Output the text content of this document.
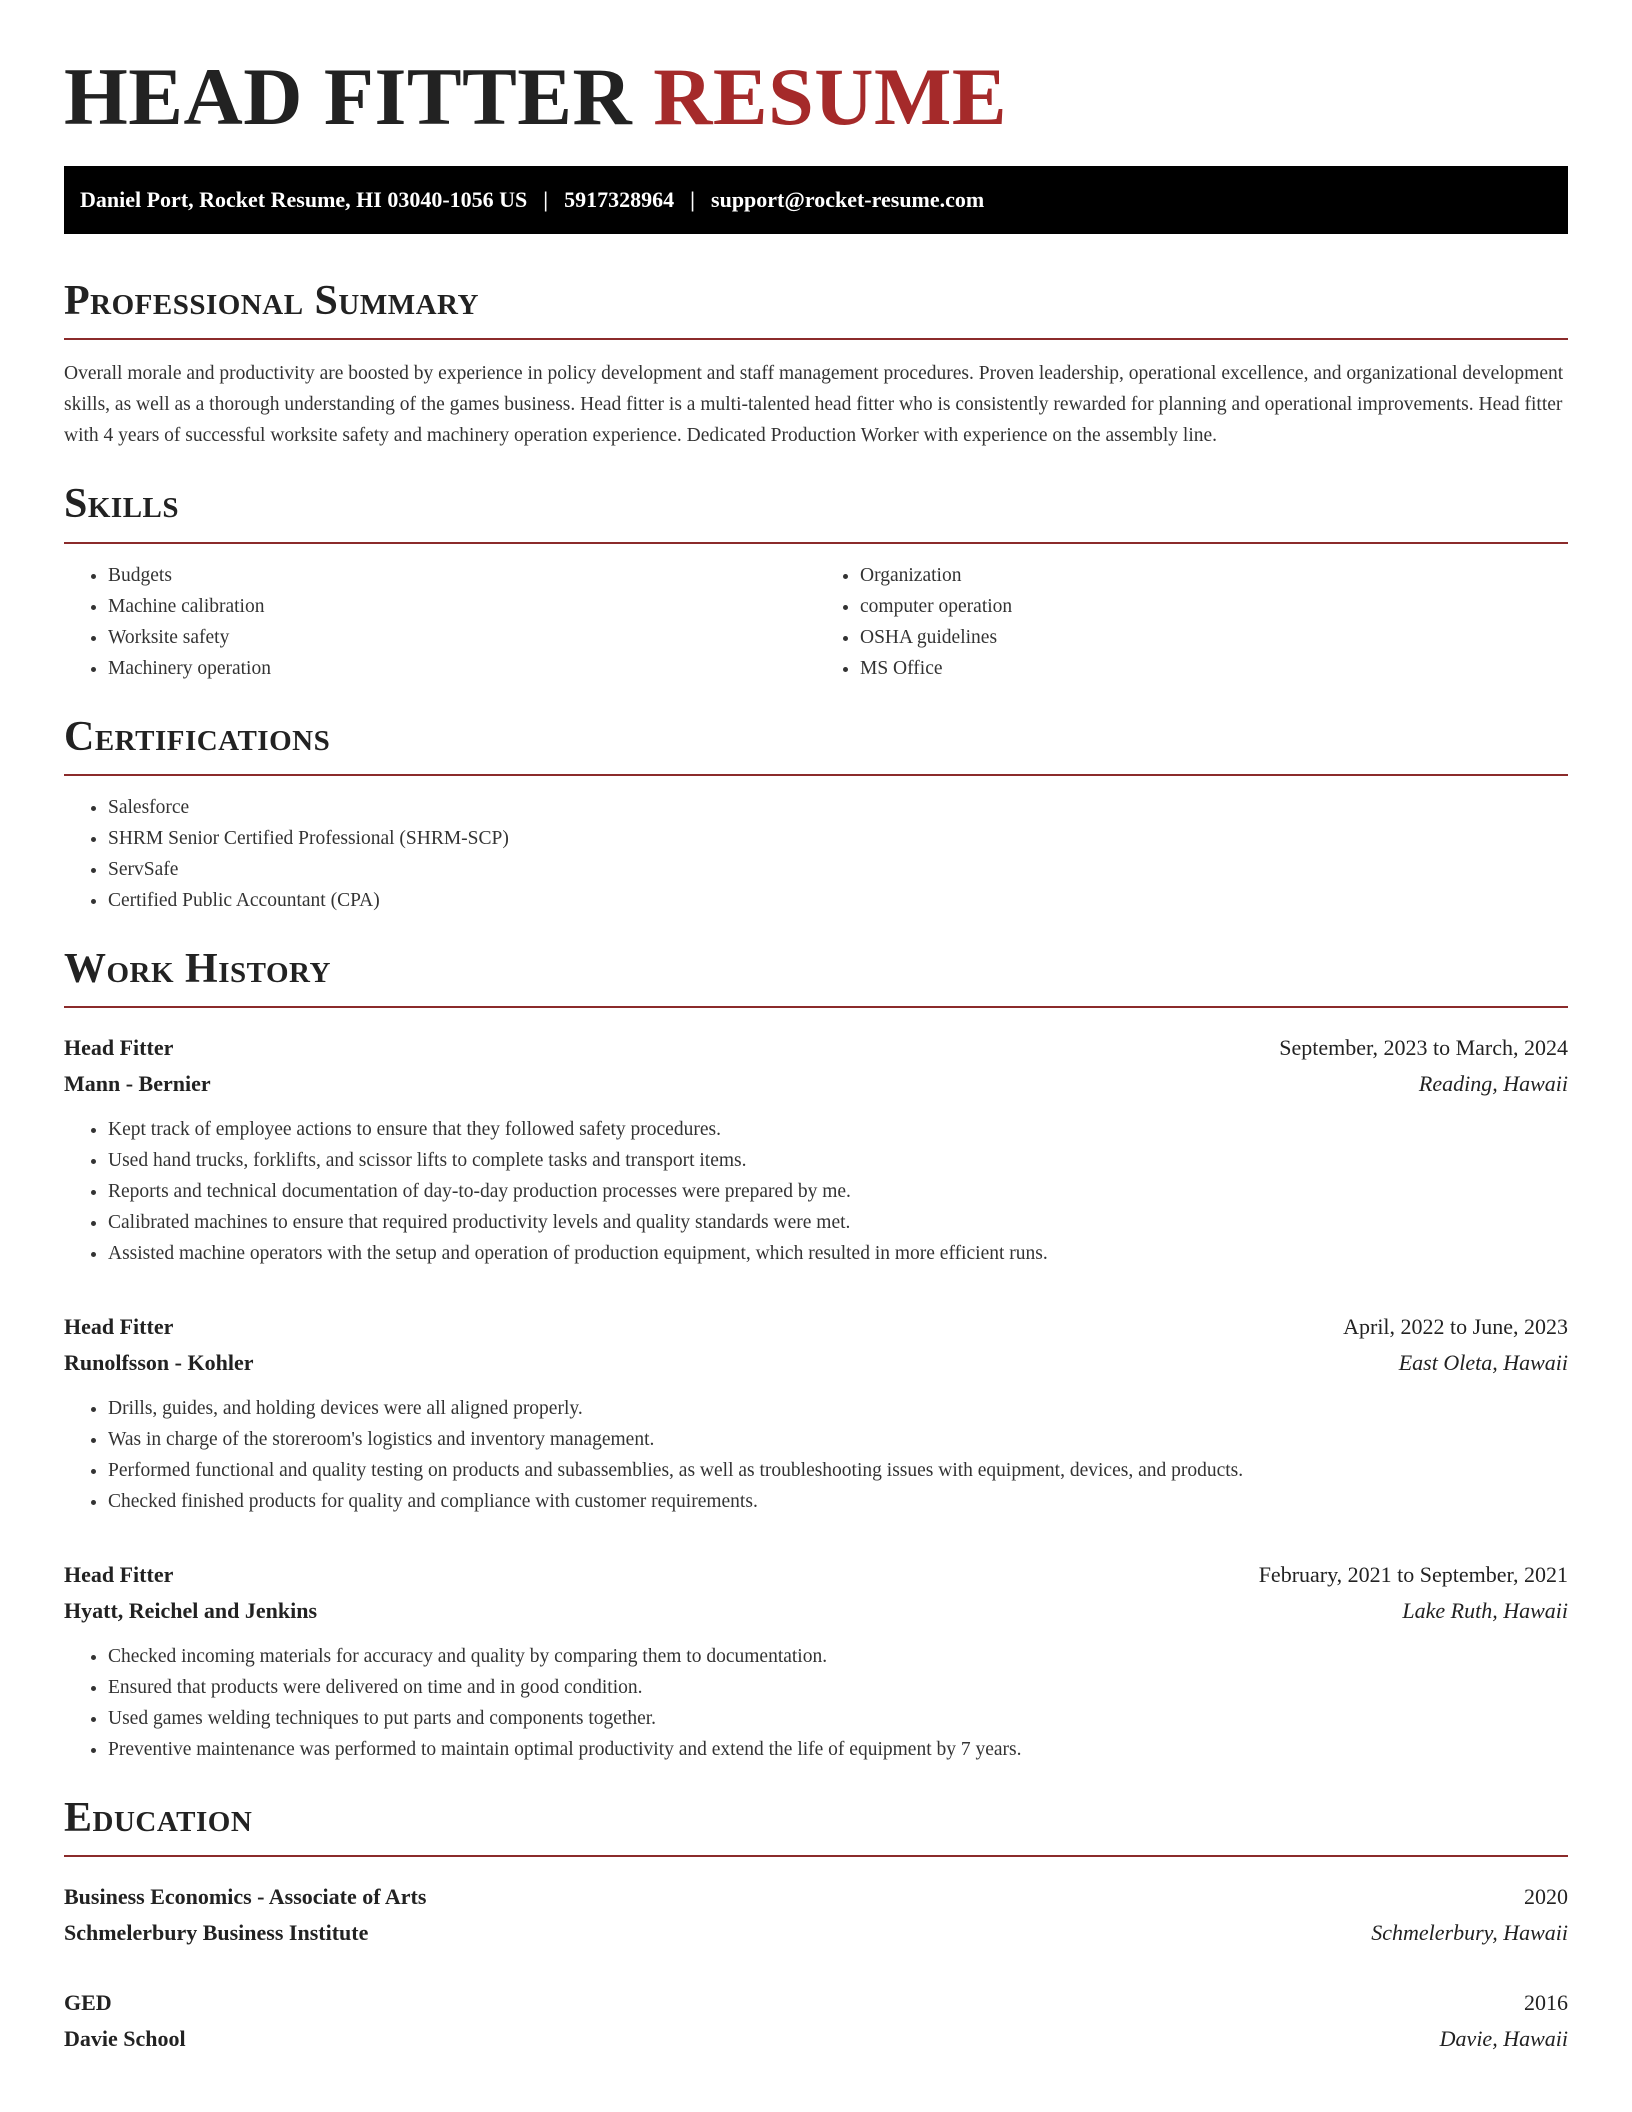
HEAD FITTER RESUME
Daniel Port, Rocket Resume, HI 03040-1056 US | 5917328964 | support@rocket-resume.com
Professional Summary

Overall morale and productivity are boosted by experience in policy development and staff management procedures. Proven leadership, operational excellence, and organizational development skills, as well as a thorough understanding of the games business. Head fitter is a multi-talented head fitter who is consistently rewarded for planning and operational improvements. Head fitter with 4 years of successful worksite safety and machinery operation experience. Dedicated Production Worker with experience on the assembly line.

Skills
• Budgets
• Machine calibration
• Worksite safety
• Machinery operation
• Organization
• computer operation
• OSHA guidelines
• MS Office
Certifications
• Salesforce
• SHRM Senior Certified Professional (SHRM-SCP)
• ServSafe
• Certified Public Accountant (CPA)
Work History
Head Fitter	September, 2023 to March, 2024
Mann - Bernier	Reading, Hawaii
• Kept track of employee actions to ensure that they followed safety procedures.
• Used hand trucks, forklifts, and scissor lifts to complete tasks and transport items.
• Reports and technical documentation of day-to-day production processes were prepared by me.
• Calibrated machines to ensure that required productivity levels and quality standards were met.
• Assisted machine operators with the setup and operation of production equipment, which resulted in more efficient runs.
Head Fitter	April, 2022 to June, 2023
Runolfsson - Kohler	East Oleta, Hawaii
• Drills, guides, and holding devices were all aligned properly.
• Was in charge of the storeroom's logistics and inventory management.
• Performed functional and quality testing on products and subassemblies, as well as troubleshooting issues with equipment, devices, and products.
• Checked finished products for quality and compliance with customer requirements.
Head Fitter	February, 2021 to September, 2021
Hyatt, Reichel and Jenkins	Lake Ruth, Hawaii
• Checked incoming materials for accuracy and quality by comparing them to documentation.
• Ensured that products were delivered on time and in good condition.
• Used games welding techniques to put parts and components together.
• Preventive maintenance was performed to maintain optimal productivity and extend the life of equipment by 7 years.
Education
Business Economics - Associate of Arts	2020
Schmelerbury Business Institute	Schmelerbury, Hawaii
GED	2016
Davie School	Davie, Hawaii
